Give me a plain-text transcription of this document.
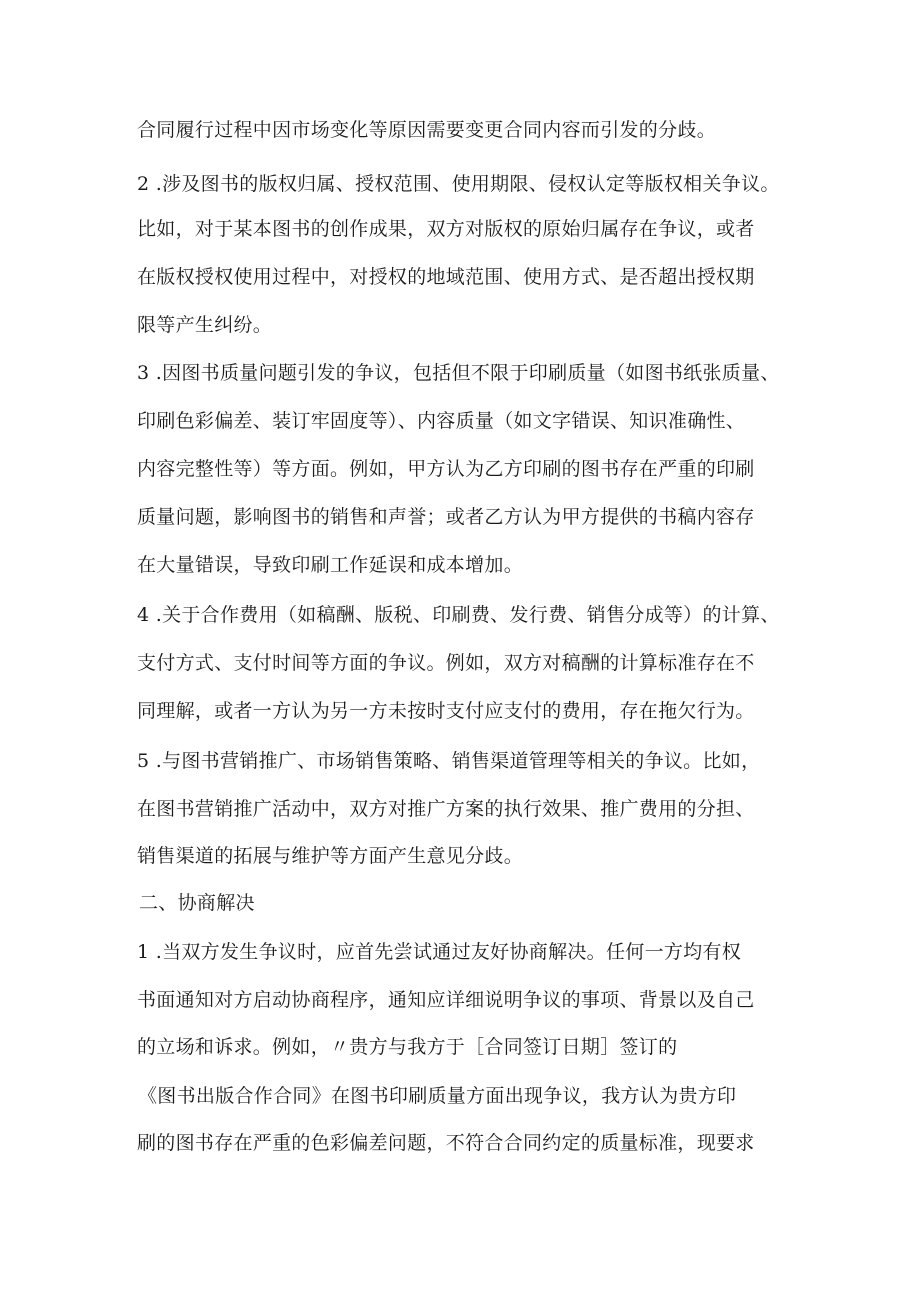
合同履行过程中因市场变化等原因需要变更合同内容而引发的分歧。
2 .涉及图书的版权归属、授权范围、使用期限、侵权认定等版权相关争议。
比如，对于某本图书的创作成果，双方对版权的原始归属存在争议，或者
在版权授权使用过程中，对授权的地域范围、使用方式、是否超出授权期
限等产生纠纷。
3 .因图书质量问题引发的争议，包括但不限于印刷质量（如图书纸张质量、
印刷色彩偏差、装订牢固度等）、内容质量（如文字错误、知识准确性、
内容完整性等）等方面。例如，甲方认为乙方印刷的图书存在严重的印刷
质量问题，影响图书的销售和声誉；或者乙方认为甲方提供的书稿内容存
在大量错误，导致印刷工作延误和成本增加。
4 .关于合作费用（如稿酬、版税、印刷费、发行费、销售分成等）的计算、
支付方式、支付时间等方面的争议。例如，双方对稿酬的计算标准存在不
同理解，或者一方认为另一方未按时支付应支付的费用，存在拖欠行为。
5 .与图书营销推广、市场销售策略、销售渠道管理等相关的争议。比如，
在图书营销推广活动中，双方对推广方案的执行效果、推广费用的分担、
销售渠道的拓展与维护等方面产生意见分歧。
二、协商解决
1 .当双方发生争议时，应首先尝试通过友好协商解决。任何一方均有权
书面通知对方启动协商程序，通知应详细说明争议的事项、背景以及自己
的立场和诉求。例如，〃贵方与我方于［合同签订日期］签订的
《图书出版合作合同》在图书印刷质量方面出现争议，我方认为贵方印
刷的图书存在严重的色彩偏差问题，不符合合同约定的质量标准，现要求
